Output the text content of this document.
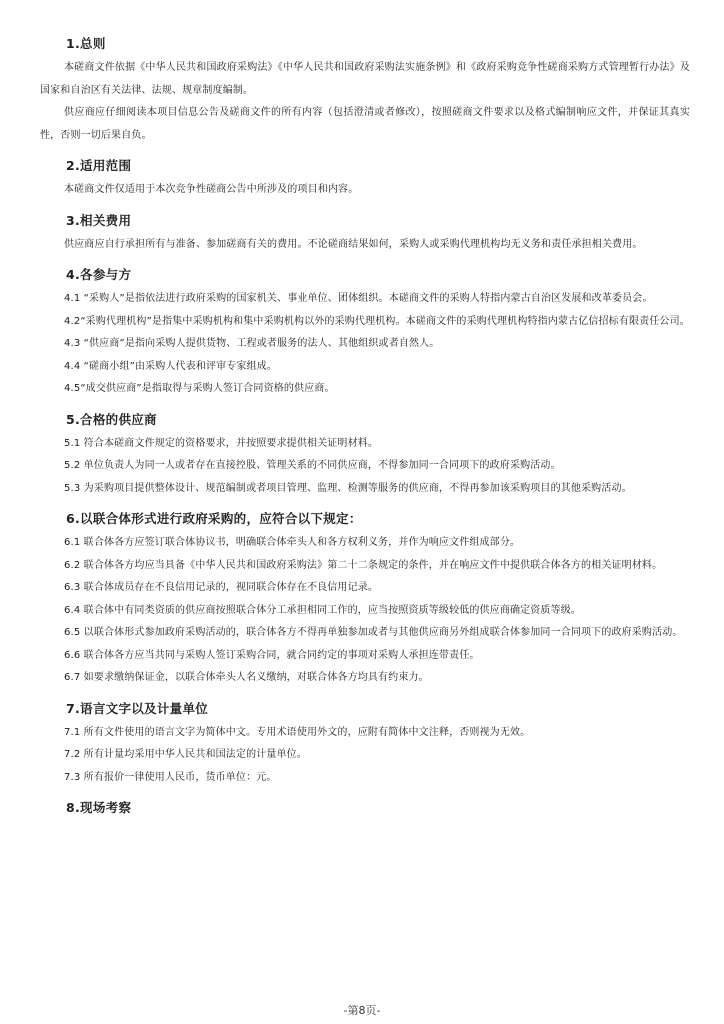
1.总则

本磋商文件依据《中华人民共和国政府采购法》《中华人民共和国政府采购法实施条例》和《政府采购竞争性磋商采购方式管理暂行办法》及国家和自治区有关法律、法规、规章制度编制。

供应商应仔细阅读本项目信息公告及磋商文件的所有内容（包括澄清或者修改），按照磋商文件要求以及格式编制响应文件，并保证其真实性，否则一切后果自负。

2.适用范围

本磋商文件仅适用于本次竞争性磋商公告中所涉及的项目和内容。

3.相关费用

供应商应自行承担所有与准备、参加磋商有关的费用。不论磋商结果如何，采购人或采购代理机构均无义务和责任承担相关费用。

4.各参与方

4.1 “采购人”是指依法进行政府采购的国家机关、事业单位、团体组织。本磋商文件的采购人特指内蒙古自治区发展和改革委员会。

4.2“采购代理机构”是指集中采购机构和集中采购机构以外的采购代理机构。本磋商文件的采购代理机构特指内蒙古亿信招标有限责任公司。

4.3 “供应商”是指向采购人提供货物、工程或者服务的法人、其他组织或者自然人。

4.4 “磋商小组”由采购人代表和评审专家组成。

4.5“成交供应商”是指取得与采购人签订合同资格的供应商。

5.合格的供应商

5.1 符合本磋商文件规定的资格要求，并按照要求提供相关证明材料。

5.2 单位负责人为同一人或者存在直接控股、管理关系的不同供应商，不得参加同一合同项下的政府采购活动。

5.3 为采购项目提供整体设计、规范编制或者项目管理、监理、检测等服务的供应商，不得再参加该采购项目的其他采购活动。

6.以联合体形式进行政府采购的，应符合以下规定：

6.1 联合体各方应签订联合体协议书，明确联合体牵头人和各方权利义务，并作为响应文件组成部分。

6.2 联合体各方均应当具备《中华人民共和国政府采购法》第二十二条规定的条件，并在响应文件中提供联合体各方的相关证明材料。

6.3 联合体成员存在不良信用记录的，视同联合体存在不良信用记录。

6.4 联合体中有同类资质的供应商按照联合体分工承担相同工作的，应当按照资质等级较低的供应商确定资质等级。

6.5 以联合体形式参加政府采购活动的，联合体各方不得再单独参加或者与其他供应商另外组成联合体参加同一合同项下的政府采购活动。

6.6 联合体各方应当共同与采购人签订采购合同，就合同约定的事项对采购人承担连带责任。

6.7 如要求缴纳保证金，以联合体牵头人名义缴纳，对联合体各方均具有约束力。

7.语言文字以及计量单位

7.1 所有文件使用的语言文字为简体中文。专用术语使用外文的，应附有简体中文注释，否则视为无效。

7.2 所有计量均采用中华人民共和国法定的计量单位。

7.3 所有报价一律使用人民币，货币单位：元。

8.现场考察
-第8页-
